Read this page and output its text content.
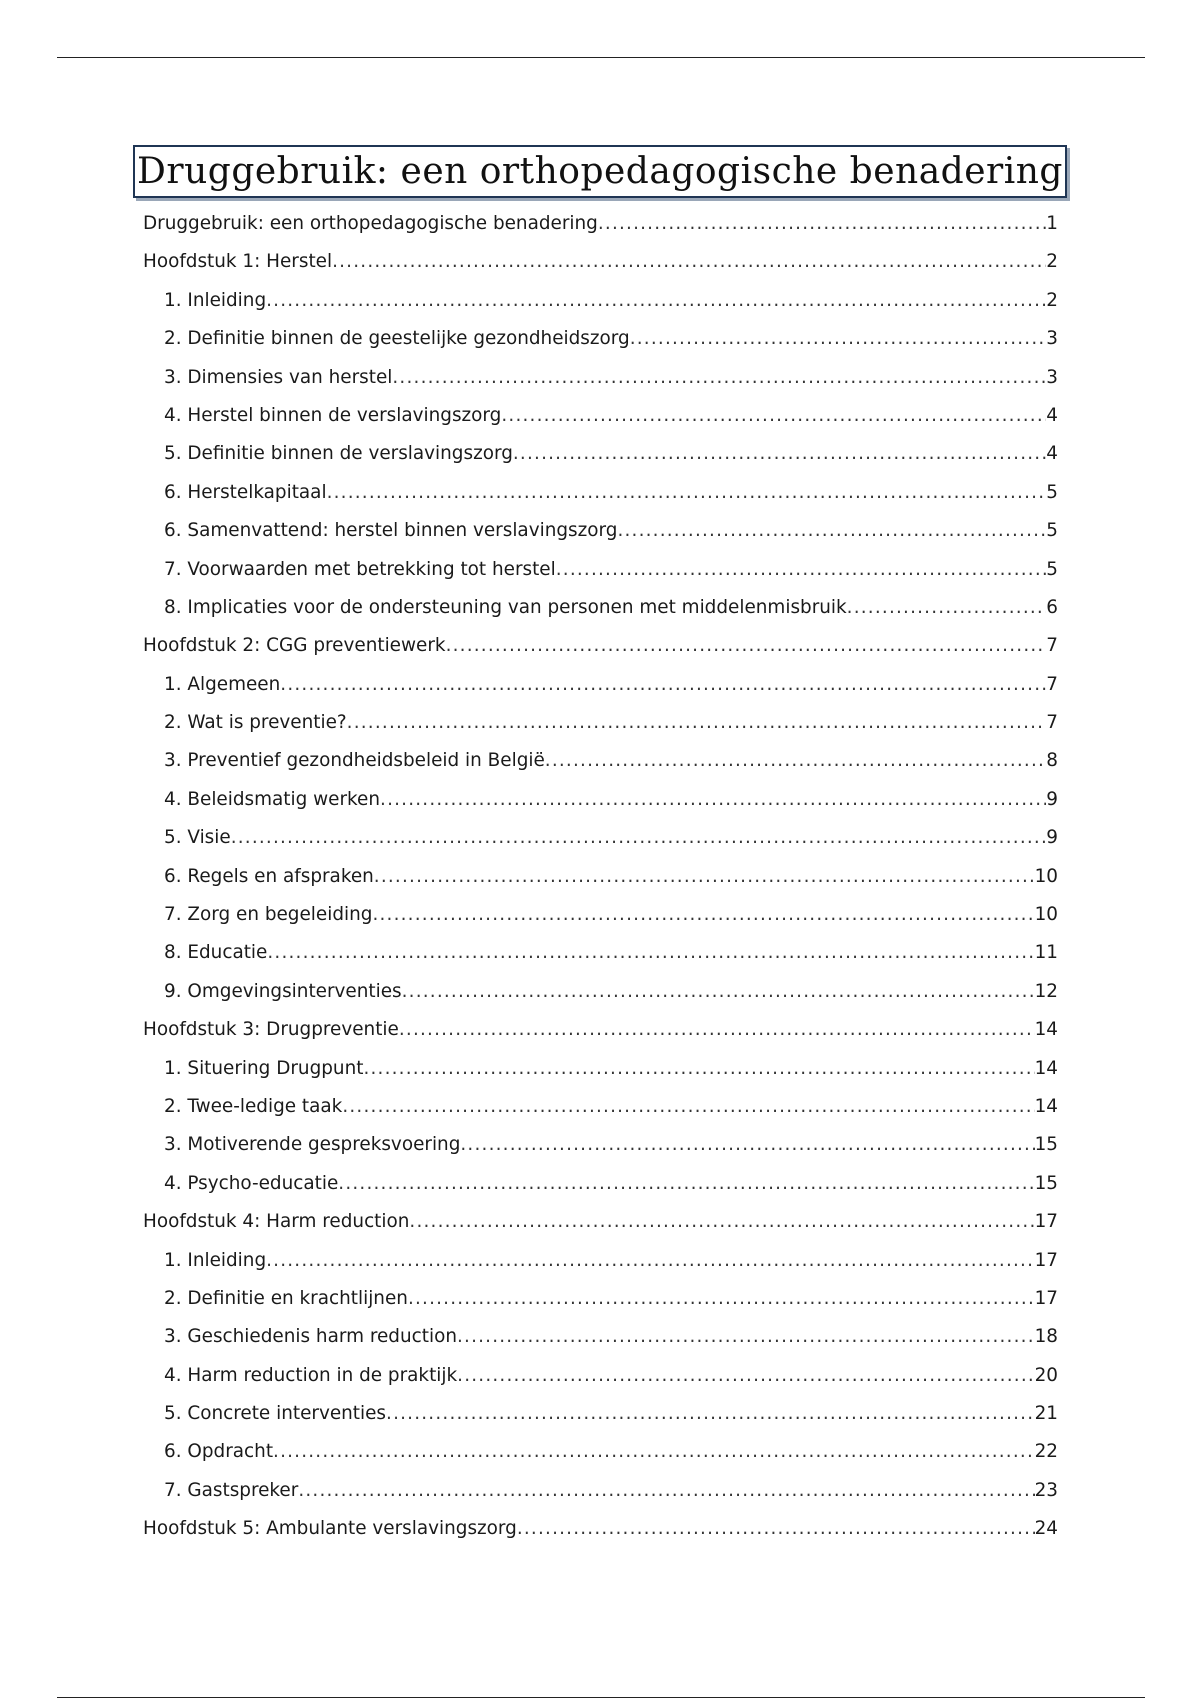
Druggebruik: een orthopedagogische benadering
Druggebruik: een orthopedagogische benadering .....	1
Hoofdstuk 1: Herstel .....	2
1. Inleiding .....	2
2. Definitie binnen de geestelijke gezondheidszorg .....	3
3. Dimensies van herstel .....	3
4. Herstel binnen de verslavingszorg .....	4
5. Definitie binnen de verslavingszorg .....	4
6. Herstelkapitaal .....	5
6. Samenvattend: herstel binnen verslavingszorg .....	5
7. Voorwaarden met betrekking tot herstel .....	5
8. Implicaties voor de ondersteuning van personen met middelenmisbruik .....	6
Hoofdstuk 2: CGG preventiewerk .....	7
1. Algemeen .....	7
2. Wat is preventie? .....	7
3. Preventief gezondheidsbeleid in België .....	8
4. Beleidsmatig werken .....	9
5. Visie .....	9
6. Regels en afspraken .....	10
7. Zorg en begeleiding .....	10
8. Educatie .....	11
9. Omgevingsinterventies .....	12
Hoofdstuk 3: Drugpreventie .....	14
1. Situering Drugpunt .....	14
2. Twee-ledige taak .....	14
3. Motiverende gespreksvoering .....	15
4. Psycho-educatie .....	15
Hoofdstuk 4: Harm reduction .....	17
1. Inleiding .....	17
2. Definitie en krachtlijnen .....	17
3. Geschiedenis harm reduction .....	18
4. Harm reduction in de praktijk .....	20
5. Concrete interventies .....	21
6. Opdracht .....	22
7. Gastspreker .....	23
Hoofdstuk 5: Ambulante verslavingszorg .....	24
